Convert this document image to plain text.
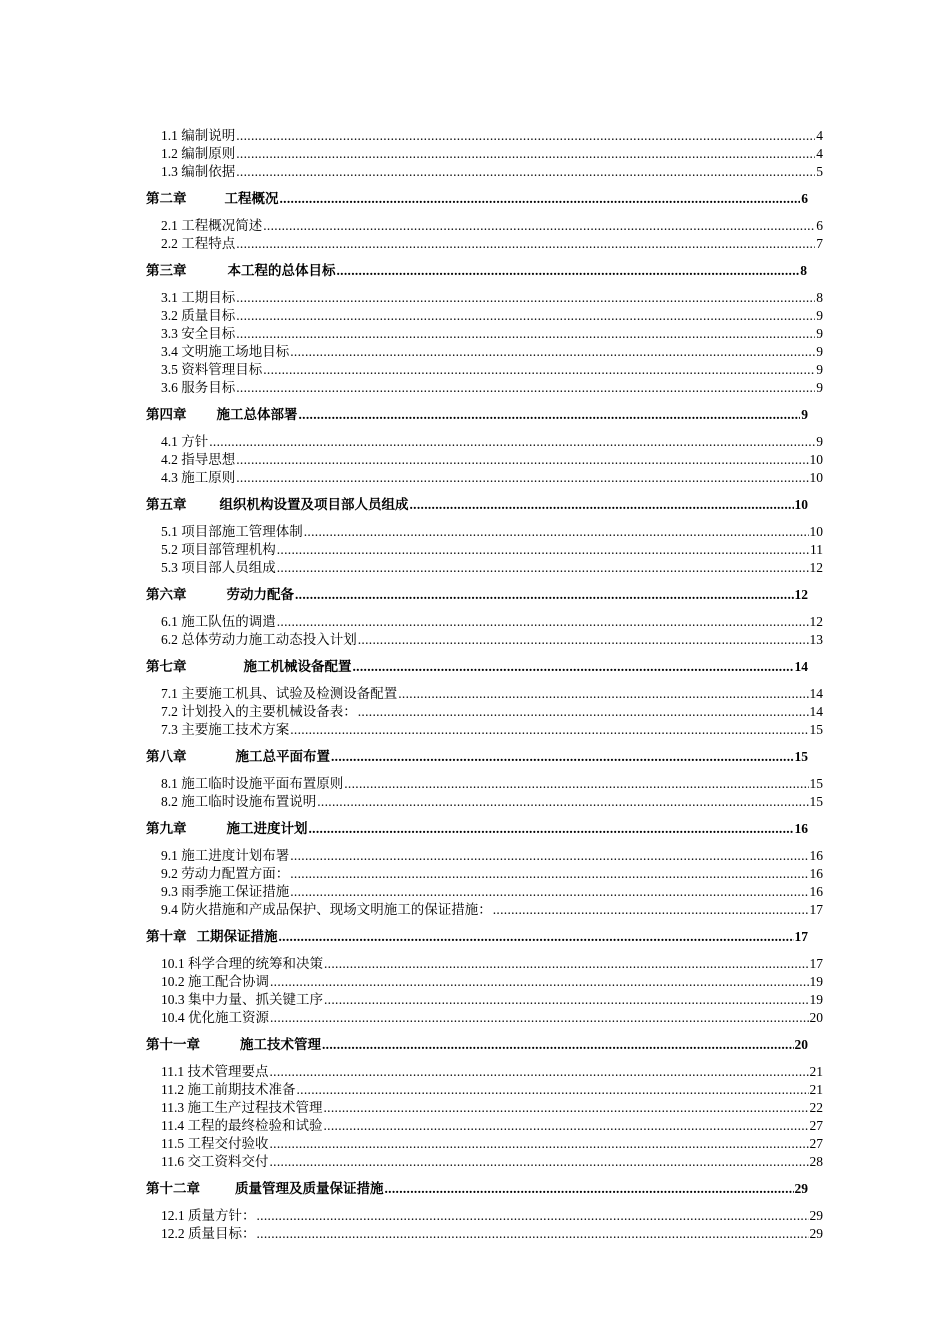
1.1 编制说明 .....	4
1.2 编制原则 .....	4
1.3 编制依据 .....	5
第二章	工程概况 .....	6
2.1 工程概况简述 .....	6
2.2 工程特点 .....	7
第三章	本工程的总体目标 .....	8
3.1 工期目标 .....	8
3.2 质量目标 .....	9
3.3 安全目标 .....	9
3.4 文明施工场地目标 .....	9
3.5 资料管理目标 .....	9
3.6 服务目标 .....	9
第四章 施工总体部署 .....	9
4.1 方针 .....	9
4.2 指导思想 .....	10
4.3 施工原则 .....	10
第五章 组织机构设置及项目部人员组成 .....	10
5.1 项目部施工管理体制 .....	10
5.2 项目部管理机构 .....	11
5.3 项目部人员组成 .....	12
第六章	劳动力配备 .....	12
6.1 施工队伍的调遣 .....	12
6.2 总体劳动力施工动态投入计划 .....	13
第七章	施工机械设备配置 .....	14
7.1 主要施工机具、试验及检测设备配置 .....	14
7.2 计划投入的主要机械设备表： .....	14
7.3 主要施工技术方案 .....	15
第八章	施工总平面布置 .....	15
8.1 施工临时设施平面布置原则 .....	15
8.2 施工临时设施布置说明 .....	15
第九章	施工进度计划 .....	16
9.1 施工进度计划布署 .....	16
9.2 劳动力配置方面： .....	16
9.3 雨季施工保证措施 .....	16
9.4 防火措施和产成品保护、现场文明施工的保证措施： .....	17
第十章 工期保证措施 .....	17
10.1 科学合理的统筹和决策 .....	17
10.2 施工配合协调 .....	19
10.3 集中力量、抓关键工序 .....	19
10.4 优化施工资源 .....	20
第十一章	施工技术管理 .....	20
11.1 技术管理要点 .....	21
11.2 施工前期技术准备 .....	21
11.3 施工生产过程技术管理 .....	22
11.4 工程的最终检验和试验 .....	27
11.5 工程交付验收 .....	27
11.6 交工资料交付 .....	28
第十二章	质量管理及质量保证措施 .....	29
12.1 质量方针： .....	29
12.2 质量目标： .....	29
